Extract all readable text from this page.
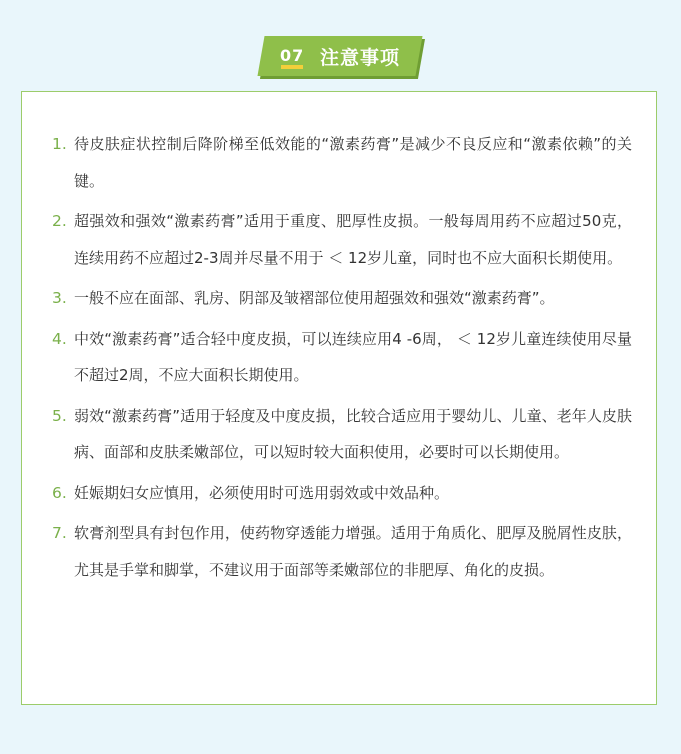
07 注意事项
1. 待皮肤症状控制后降阶梯至低效能的“激素药膏”是减少不良反应和“激素依赖”的关键。
2. 超强效和强效“激素药膏”适用于重度、肥厚性皮损。一般每周用药不应超过50克，连续用药不应超过2-3周并尽量不用于 ＜ 12岁儿童，同时也不应大面积长期使用。
3. 一般不应在面部、乳房、阴部及皱褶部位使用超强效和强效“激素药膏”。
4. 中效“激素药膏”适合轻中度皮损，可以连续应用4 -6周， ＜ 12岁儿童连续使用尽量不超过2周，不应大面积长期使用。
5. 弱效“激素药膏”适用于轻度及中度皮损，比较合适应用于婴幼儿、儿童、老年人皮肤病、面部和皮肤柔嫩部位，可以短时较大面积使用，必要时可以长期使用。
6. 妊娠期妇女应慎用，必须使用时可选用弱效或中效品种。
7. 软膏剂型具有封包作用，使药物穿透能力增强。适用于角质化、肥厚及脱屑性皮肤，尤其是手掌和脚掌，不建议用于面部等柔嫩部位的非肥厚、角化的皮损。
